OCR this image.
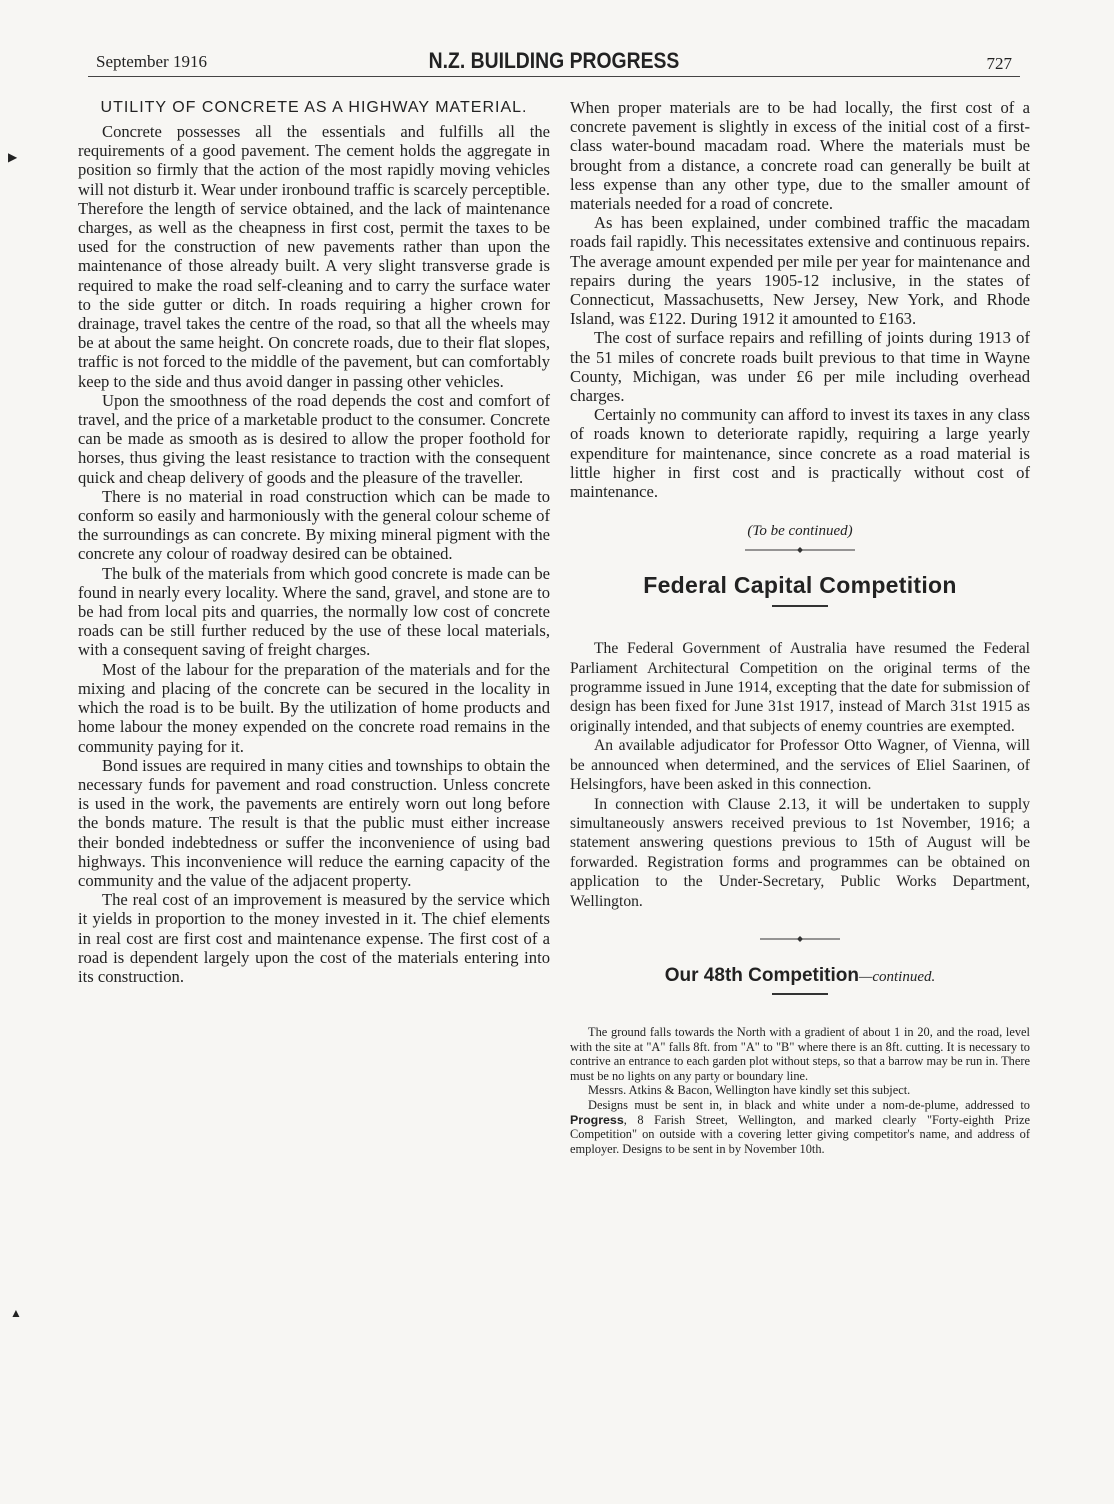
September 1916	N.Z. BUILDING PROGRESS	727
▶
▲
UTILITY OF CONCRETE AS A HIGHWAY MATERIAL.

Concrete possesses all the essentials and fulfills all the requirements of a good pavement. The cement holds the aggregate in position so firmly that the action of the most rapidly moving vehicles will not disturb it. Wear under ironbound traffic is scarcely perceptible. Therefore the length of service obtained, and the lack of maintenance charges, as well as the cheapness in first cost, permit the taxes to be used for the construction of new pavements rather than upon the maintenance of those already built. A very slight transverse grade is required to make the road self-cleaning and to carry the surface water to the side gutter or ditch. In roads requiring a higher crown for drainage, travel takes the centre of the road, so that all the wheels may be at about the same height. On concrete roads, due to their flat slopes, traffic is not forced to the middle of the pavement, but can comfortably keep to the side and thus avoid danger in passing other vehicles.

Upon the smoothness of the road depends the cost and comfort of travel, and the price of a marketable product to the consumer. Concrete can be made as smooth as is desired to allow the proper foothold for horses, thus giving the least resistance to traction with the consequent quick and cheap delivery of goods and the pleasure of the traveller.

There is no material in road construction which can be made to conform so easily and harmoniously with the general colour scheme of the surroundings as can concrete. By mixing mineral pigment with the concrete any colour of roadway desired can be obtained.

The bulk of the materials from which good concrete is made can be found in nearly every locality. Where the sand, gravel, and stone are to be had from local pits and quarries, the normally low cost of concrete roads can be still further reduced by the use of these local materials, with a consequent saving of freight charges.

Most of the labour for the preparation of the materials and for the mixing and placing of the concrete can be secured in the locality in which the road is to be built. By the utilization of home products and home labour the money expended on the concrete road remains in the community paying for it.

Bond issues are required in many cities and townships to obtain the necessary funds for pavement and road construction. Unless concrete is used in the work, the pavements are entirely worn out long before the bonds mature. The result is that the public must either increase their bonded indebtedness or suffer the inconvenience of using bad highways. This inconvenience will reduce the earning capacity of the community and the value of the adjacent property.

The real cost of an improvement is measured by the service which it yields in proportion to the money invested in it. The chief elements in real cost are first cost and maintenance expense. The first cost of a road is dependent largely upon the cost of the materials entering into its construction.

When proper materials are to be had locally, the first cost of a concrete pavement is slightly in excess of the initial cost of a first-class water-bound macadam road. Where the materials must be brought from a distance, a concrete road can generally be built at less expense than any other type, due to the smaller amount of materials needed for a road of concrete.

As has been explained, under combined traffic the macadam roads fail rapidly. This necessitates extensive and continuous repairs. The average amount expended per mile per year for maintenance and repairs during the years 1905-12 inclusive, in the states of Connecticut, Massachusetts, New Jersey, New York, and Rhode Island, was £122. During 1912 it amounted to £163.

The cost of surface repairs and refilling of joints during 1913 of the 51 miles of concrete roads built previous to that time in Wayne County, Michigan, was under £6 per mile including overhead charges.

Certainly no community can afford to invest its taxes in any class of roads known to deteriorate rapidly, requiring a large yearly expenditure for maintenance, since concrete as a road material is little higher in first cost and is practically without cost of maintenance.

(To be continued)
Federal Capital Competition

The Federal Government of Australia have resumed the Federal Parliament Architectural Competition on the original terms of the programme issued in June 1914, excepting that the date for submission of design has been fixed for June 31st 1917, instead of March 31st 1915 as originally intended, and that subjects of enemy countries are exempted.

An available adjudicator for Professor Otto Wagner, of Vienna, will be announced when determined, and the services of Eliel Saarinen, of Helsingfors, have been asked in this connection.

In connection with Clause 2.13, it will be undertaken to supply simultaneously answers received previous to 1st November, 1916; a statement answering questions previous to 15th of August will be forwarded. Registration forms and programmes can be obtained on application to the Under-Secretary, Public Works Department, Wellington.

Our 48th Competition—continued.

The ground falls towards the North with a gradient of about 1 in 20, and the road, level with the site at "A" falls 8ft. from "A" to "B" where there is an 8ft. cutting. It is necessary to contrive an entrance to each garden plot without steps, so that a barrow may be run in. There must be no lights on any party or boundary line.

Messrs. Atkins & Bacon, Wellington have kindly set this subject.

Designs must be sent in, in black and white under a nom-de-plume, addressed to Progress, 8 Farish Street, Wellington, and marked clearly "Forty-eighth Prize Competition" on outside with a covering letter giving competitor's name, and address of employer. Designs to be sent in by November 10th.
